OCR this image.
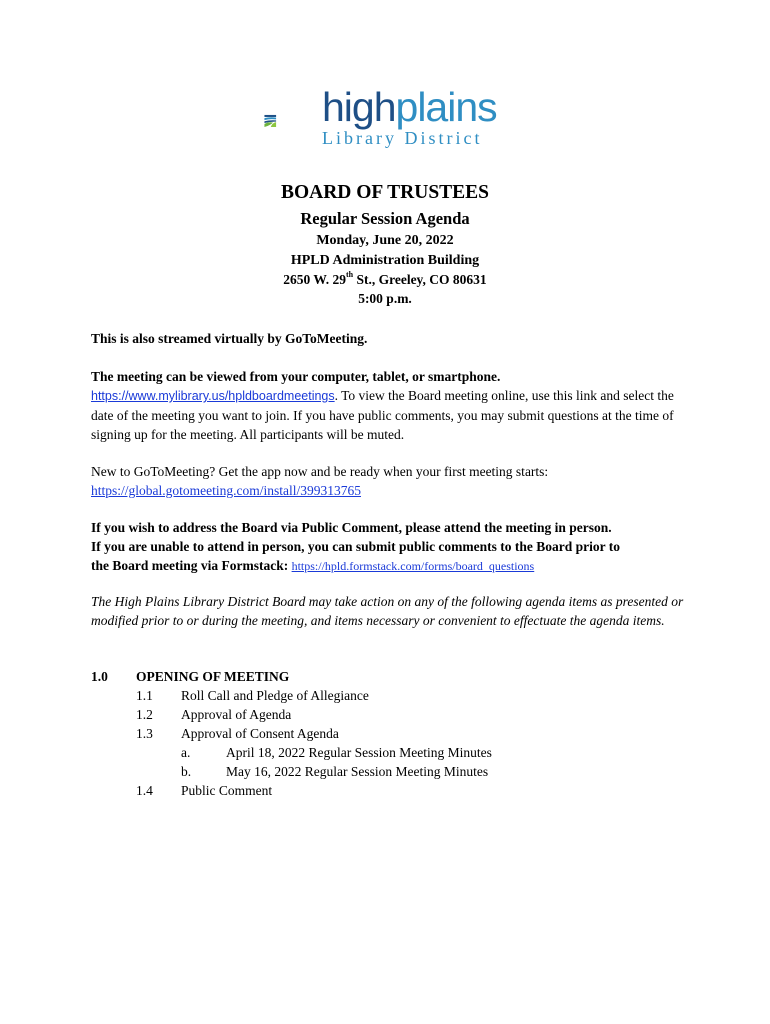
highplains
Library District
BOARD OF TRUSTEES
Regular Session Agenda
Monday, June 20, 2022
HPLD Administration Building
2650 W. 29th St., Greeley, CO 80631
5:00 p.m.
This is also streamed virtually by GoToMeeting.
The meeting can be viewed from your computer, tablet, or smartphone.
https://www.mylibrary.us/hpldboardmeetings. To view the Board meeting online, use this link and select the date of the meeting you want to join. If you have public comments, you may submit questions at the time of signing up for the meeting. All participants will be muted.
New to GoToMeeting? Get the app now and be ready when your first meeting starts:
https://global.gotomeeting.com/install/399313765
If you wish to address the Board via Public Comment, please attend the meeting in person.
If you are unable to attend in person, you can submit public comments to the Board prior to
the Board meeting via Formstack: https://hpld.formstack.com/forms/board_questions
The High Plains Library District Board may take action on any of the following agenda items as presented or modified prior to or during the meeting, and items necessary or convenient to effectuate the agenda items.
1.0 OPENING OF MEETING
1.1 Roll Call and Pledge of Allegiance
1.2 Approval of Agenda
1.3 Approval of Consent Agenda
a.	April 18, 2022 Regular Session Meeting Minutes
b.	May 16, 2022 Regular Session Meeting Minutes
1.4 Public Comment
